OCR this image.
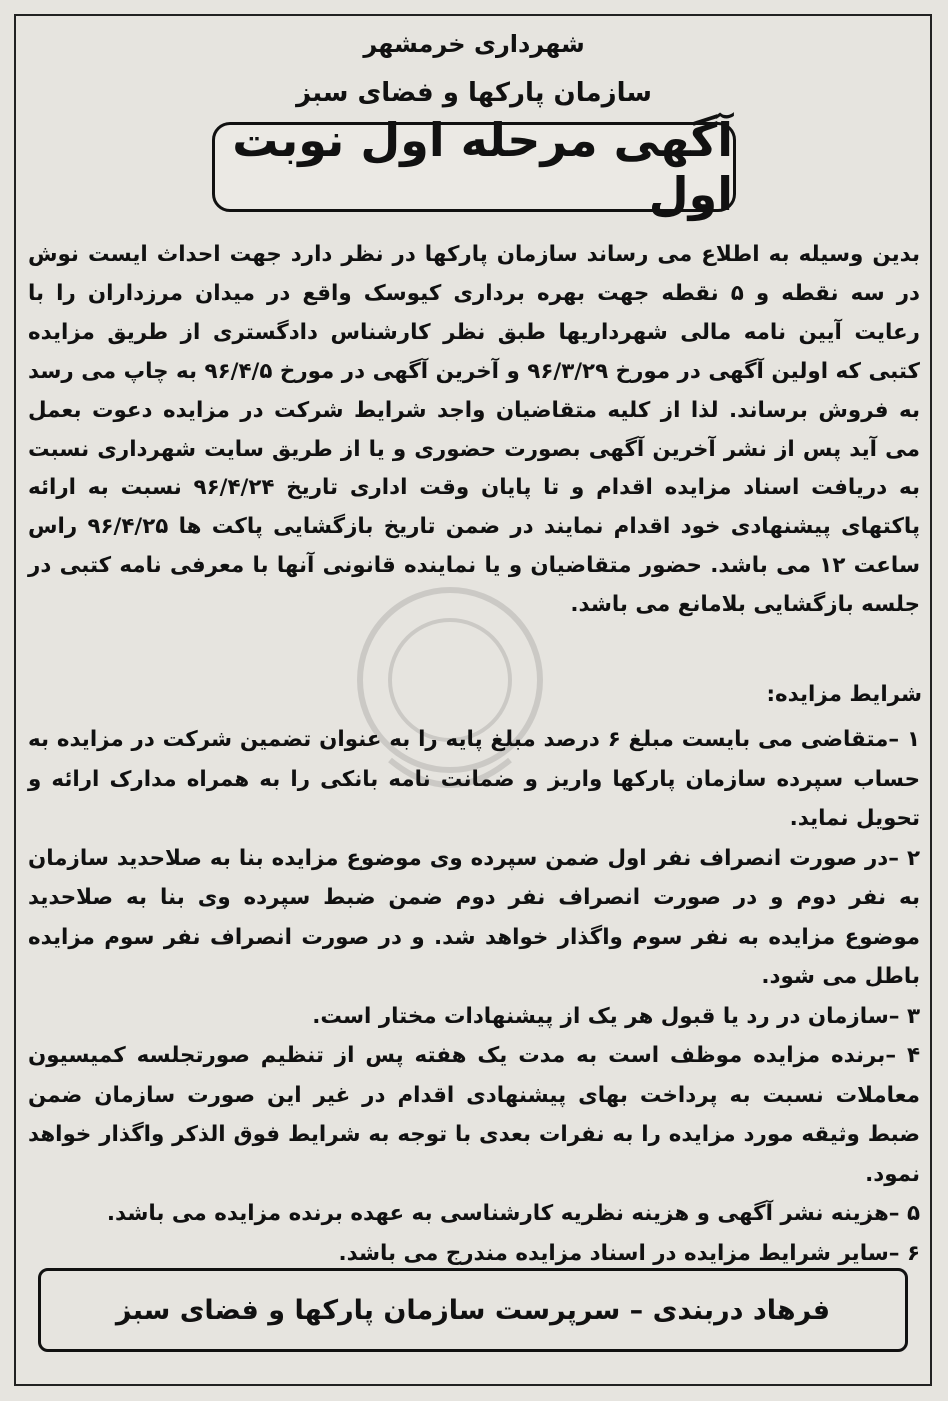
شهرداری خرمشهر
سازمان پارکها و فضای سبز
آگهی مرحله اول نوبت اول

بدین وسیله به اطلاع می رساند سازمان پارکها در نظر دارد جهت احداث ایست نوش در سه نقطه و ۵ نقطه جهت بهره برداری کیوسک واقع در میدان مرزداران را با رعایت آیین نامه مالی شهرداریها طبق نظر کارشناس دادگستری از طریق مزایده کتبی که اولین آگهی در مورخ ۹۶/۳/۲۹ و آخرین آگهی در مورخ ۹۶/۴/۵ به چاپ می رسد به فروش برساند. لذا از کلیه متقاضیان واجد شرایط شرکت در مزایده دعوت بعمل می آید پس از نشر آخرین آگهی بصورت حضوری و یا از طریق سایت شهرداری نسبت به دریافت اسناد مزایده اقدام و تا پایان وقت اداری تاریخ ۹۶/۴/۲۴ نسبت به ارائه پاکتهای پیشنهادی خود اقدام نمایند در ضمن تاریخ بازگشایی پاکت ها ۹۶/۴/۲۵ راس ساعت ۱۲ می باشد. حضور متقاضیان و یا نماینده قانونی آنها با معرفی نامه کتبی در جلسه بازگشایی بلامانع می باشد.

شرایط مزایده:

۱ –متقاضی می بایست مبلغ ۶ درصد مبلغ پایه را به عنوان تضمین شرکت در مزایده به حساب سپرده سازمان پارکها واریز و ضمانت نامه بانکی را به همراه مدارک ارائه و تحویل نماید.

۲ –در صورت انصراف نفر اول ضمن سپرده وی موضوع مزایده بنا به صلاحدید سازمان به نفر دوم و در صورت انصراف نفر دوم ضمن ضبط سپرده وی بنا به صلاحدید موضوع مزایده به نفر سوم واگذار خواهد شد. و در صورت انصراف نفر سوم مزایده باطل می شود.

۳ –سازمان در رد یا قبول هر یک از پیشنهادات مختار است.

۴ –برنده مزایده موظف است به مدت یک هفته پس از تنظیم صورتجلسه کمیسیون معاملات نسبت به پرداخت بهای پیشنهادی اقدام در غیر این صورت سازمان ضمن ضبط وثیقه مورد مزایده را به نفرات بعدی با توجه به شرایط فوق الذکر واگذار خواهد نمود.

۵ –هزینه نشر آگهی و هزینه نظریه کارشناسی به عهده برنده مزایده می باشد.

۶ –سایر شرایط مزایده در اسناد مزایده مندرج می باشد.

فرهاد دربندی – سرپرست سازمان پارکها و فضای سبز
